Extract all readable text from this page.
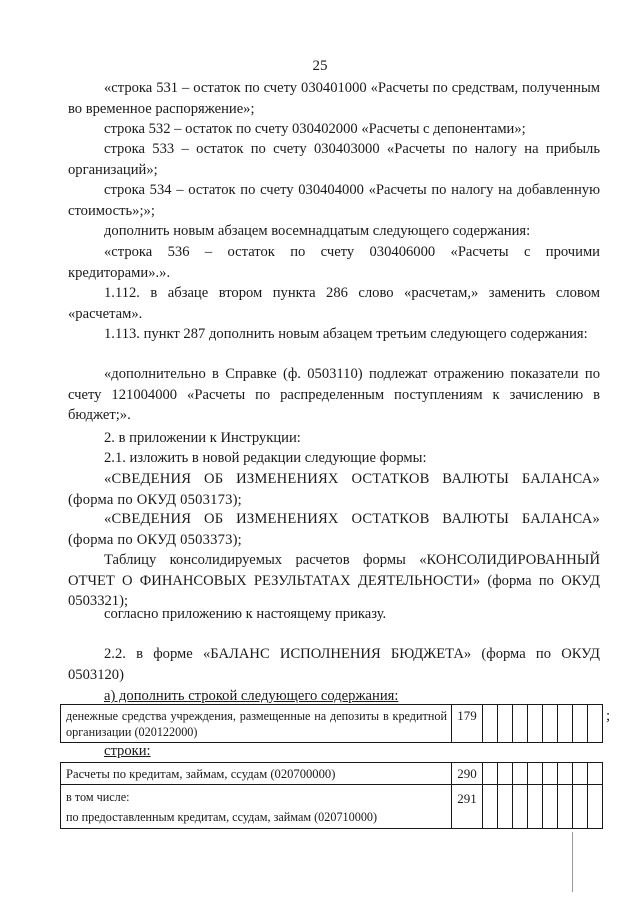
25
«строка 531 – остаток по счету 030401000 «Расчеты по средствам, полученным во временное распоряжение»;
строка 532 – остаток по счету 030402000 «Расчеты с депонентами»;
строка 533 – остаток по счету 030403000 «Расчеты по налогу на прибыль организаций»;
строка 534 – остаток по счету 030404000 «Расчеты по налогу на добавленную стоимость»;»;
дополнить новым абзацем восемнадцатым следующего содержания:
«строка 536 – остаток по счету 030406000 «Расчеты с прочими кредиторами».».
1.112. в абзаце втором пункта 286 слово «расчетам,» заменить словом «расчетам».
1.113. пункт 287 дополнить новым абзацем третьим следующего содержания:
«дополнительно в Справке (ф. 0503110) подлежат отражению показатели по счету 121004000 «Расчеты по распределенным поступлениям к зачислению в бюджет;».
2. в приложении к Инструкции:
2.1. изложить в новой редакции следующие формы:
«СВЕДЕНИЯ ОБ ИЗМЕНЕНИЯХ ОСТАТКОВ ВАЛЮТЫ БАЛАНСА» (форма по ОКУД 0503173);
«СВЕДЕНИЯ ОБ ИЗМЕНЕНИЯХ ОСТАТКОВ ВАЛЮТЫ БАЛАНСА» (форма по ОКУД 0503373);
Таблицу консолидируемых расчетов формы «КОНСОЛИДИРОВАННЫЙ ОТЧЕТ О ФИНАНСОВЫХ РЕЗУЛЬТАТАХ ДЕЯТЕЛЬНОСТИ» (форма по ОКУД 0503321);
согласно приложению к настоящему приказу.
2.2. в форме «БАЛАНС ИСПОЛНЕНИЯ БЮДЖЕТА» (форма по ОКУД 0503120)
а) дополнить строкой следующего содержания:
денежные средства учреждения, размещенные на депозиты в кредитной организации (020122000)	179									;
строки:
Расчеты по кредитам, займам, ссудам (020700000)	290								

в том числе:
по предоставленным кредитам, ссудам, займам (020710000)	291								
